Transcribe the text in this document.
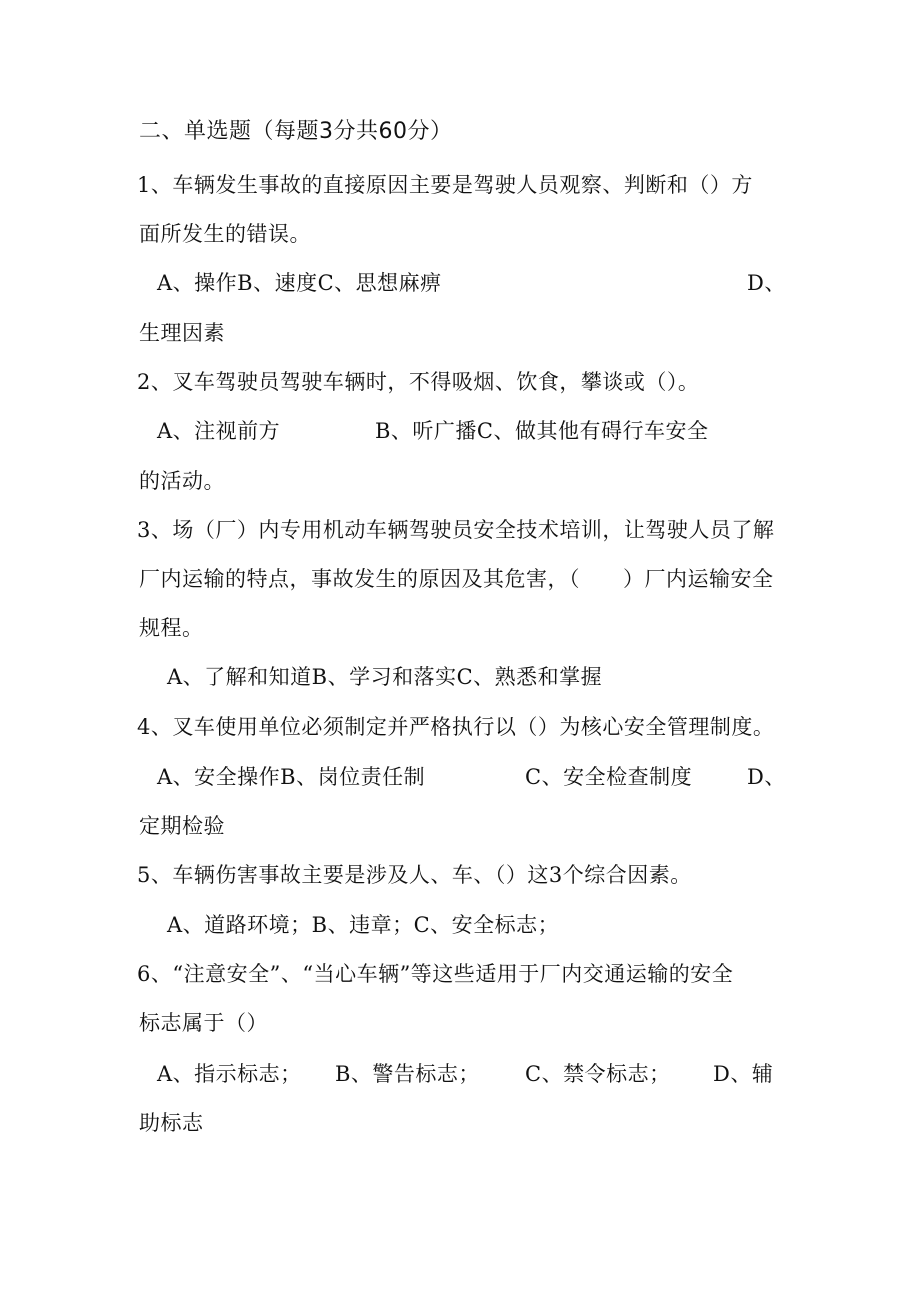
二、单选题（每题3分共60分）
1、车辆发生事故的直接原因主要是驾驶人员观察、判断和（）方
面所发生的错误。
A、操作B、速度C、思想麻痹	D、
生理因素
2、叉车驾驶员驾驶车辆时，不得吸烟、饮食，攀谈或（）。
A、注视前方	B、听广播C、做其他有碍行车安全
的活动。
3、场（厂）内专用机动车辆驾驶员安全技术培训，让驾驶人员了解
厂内运输的特点，事故发生的原因及其危害，（　　）厂内运输安全
规程。
A、了解和知道B、学习和落实C、熟悉和掌握
4、叉车使用单位必须制定并严格执行以（）为核心安全管理制度。
A、安全操作B、岗位责任制	C、安全检查制度	D、
定期检验
5、车辆伤害事故主要是涉及人、车、（）这3个综合因素。
A、道路环境；B、违章；C、安全标志；
6、“注意安全”、“当心车辆”等这些适用于厂内交通运输的安全
标志属于（）
A、指示标志； B、警告标志； C、禁令标志； D、辅
助标志
